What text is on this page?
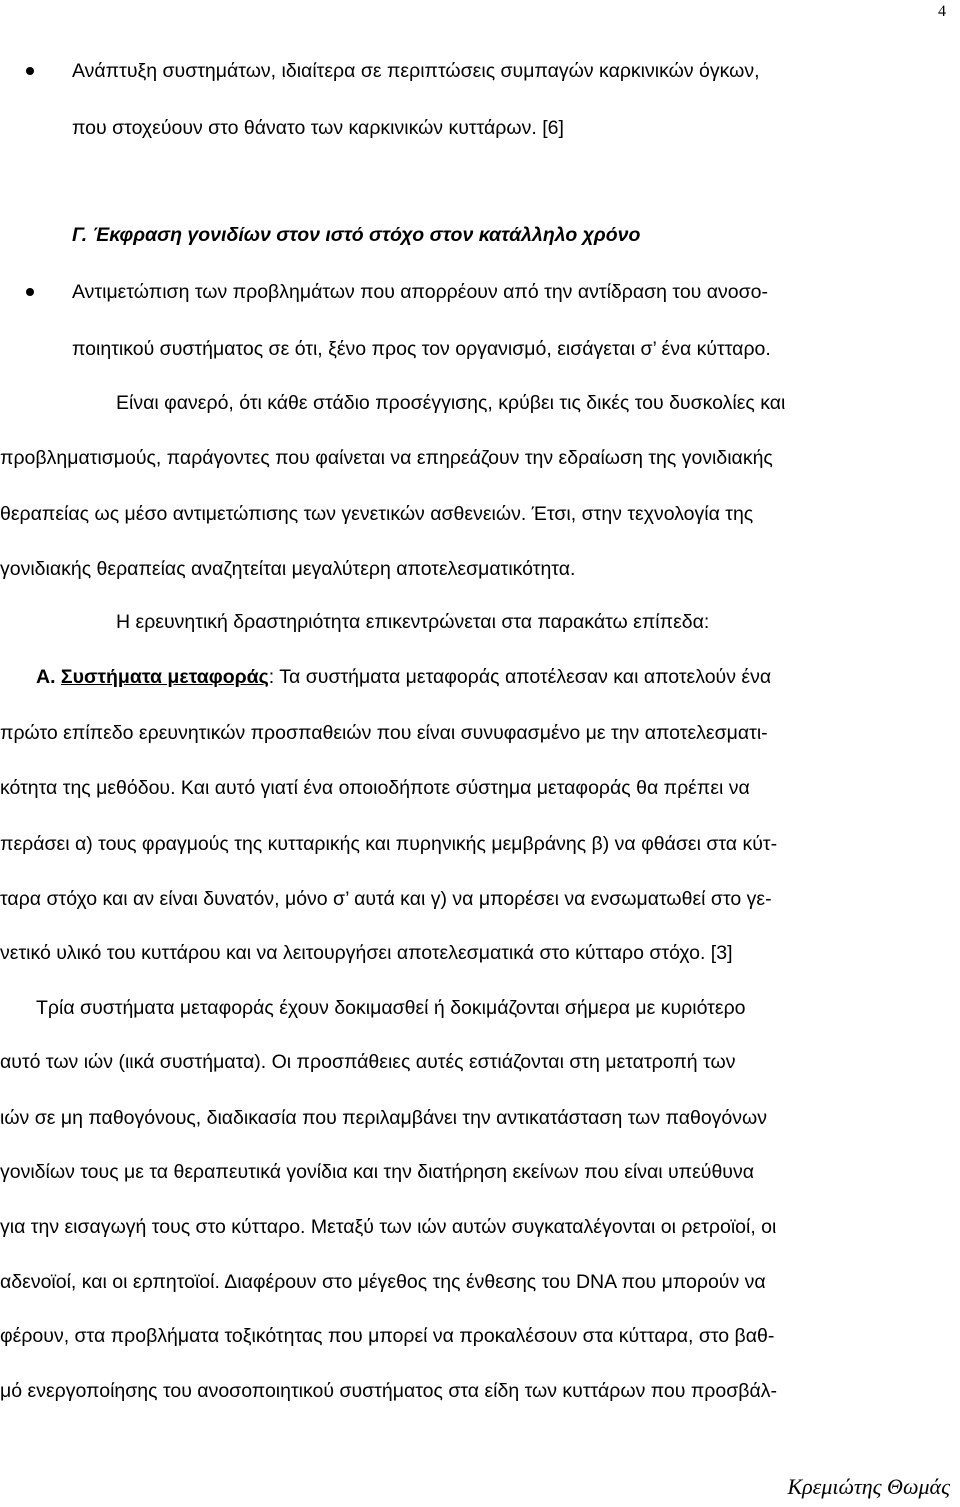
4

Ανάπτυξη συστημάτων, ιδιαίτερα σε περιπτώσεις συμπαγών καρκινικών όγκων,

που στοχεύουν στο θάνατο των καρκινικών κυττάρων. [6]

Γ. Έκφραση γονιδίων στον ιστό στόχο στον κατάλληλο χρόνο

Αντιμετώπιση των προβλημάτων που απορρέουν από την αντίδραση του ανοσο-

ποιητικού συστήματος σε ότι, ξένο προς τον οργανισμό, εισάγεται σ’ ένα κύτταρο.

Είναι φανερό, ότι κάθε στάδιο προσέγγισης, κρύβει τις δικές του δυσκολίες και

προβληματισμούς, παράγοντες που φαίνεται να επηρεάζουν την εδραίωση της γονιδιακής

θεραπείας ως μέσο αντιμετώπισης των γενετικών ασθενειών. Έτσι, στην τεχνολογία της

γονιδιακής θεραπείας αναζητείται μεγαλύτερη αποτελεσματικότητα.

Η ερευνητική δραστηριότητα επικεντρώνεται στα παρακάτω επίπεδα:

Α. Συστήματα μεταφοράς: Τα συστήματα μεταφοράς αποτέλεσαν και αποτελούν ένα

πρώτο επίπεδο ερευνητικών προσπαθειών που είναι συνυφασμένο με την αποτελεσματι-

κότητα της μεθόδου. Και αυτό γιατί ένα οποιοδήποτε σύστημα μεταφοράς θα πρέπει να

περάσει α) τους φραγμούς της κυτταρικής και πυρηνικής μεμβράνης β) να φθάσει στα κύτ-

ταρα στόχο και αν είναι δυνατόν, μόνο σ’ αυτά και γ) να μπορέσει να ενσωματωθεί στο γε-

νετικό υλικό του κυττάρου και να λειτουργήσει αποτελεσματικά στο κύτταρο στόχο. [3]

Τρία συστήματα μεταφοράς έχουν δοκιμασθεί ή δοκιμάζονται σήμερα με κυριότερο

αυτό των ιών (ιικά συστήματα). Οι προσπάθειες αυτές εστιάζονται στη μετατροπή των

ιών σε μη παθογόνους, διαδικασία που περιλαμβάνει την αντικατάσταση των παθογόνων

γονιδίων τους με τα θεραπευτικά γονίδια και την διατήρηση εκείνων που είναι υπεύθυνα

για την εισαγωγή τους στο κύτταρο. Μεταξύ των ιών αυτών συγκαταλέγονται οι ρετροϊοί, οι

αδενοϊοί, και οι ερπητοϊοί. Διαφέρουν στο μέγεθος της ένθεσης του DNA που μπορούν να

φέρουν, στα προβλήματα τοξικότητας που μπορεί να προκαλέσουν στα κύτταρα, στο βαθ-

μό ενεργοποίησης του ανοσοποιητικού συστήματος στα είδη των κυττάρων που προσβάλ-

Κρεμιώτης Θωμάς
